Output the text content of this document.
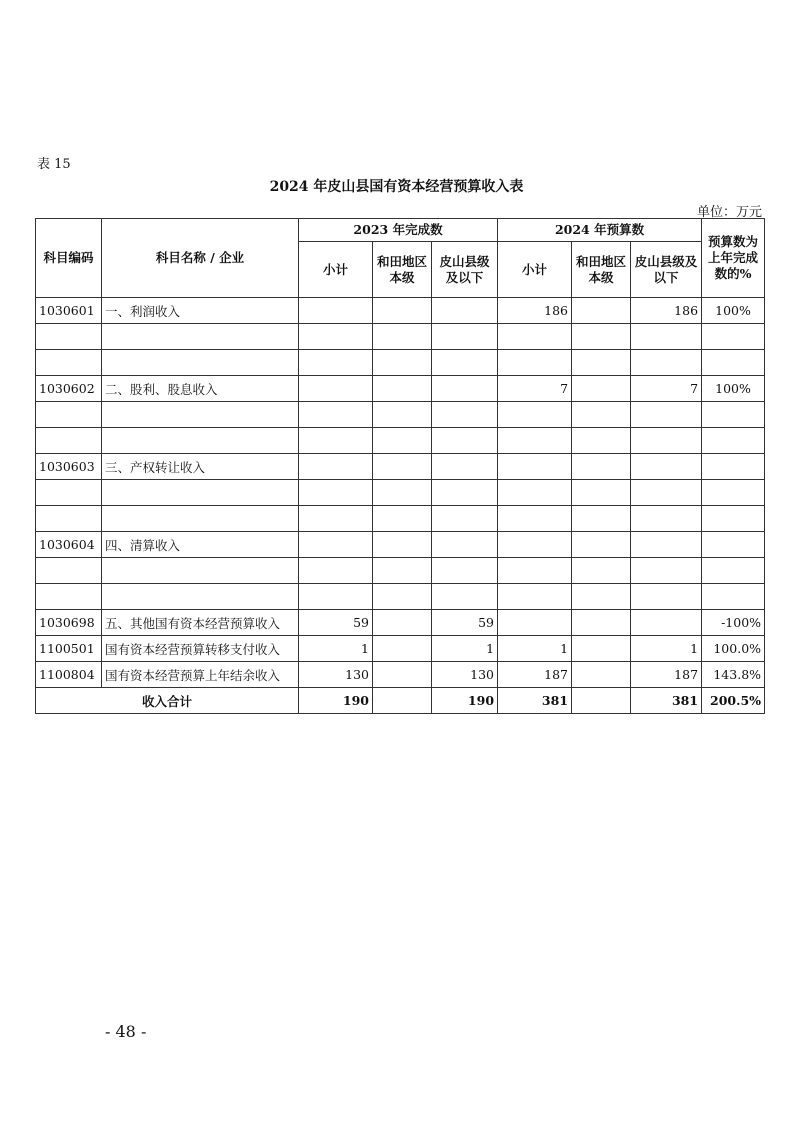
表 15
2024 年皮山县国有资本经营预算收入表
单位：万元
科目编码	科目名称 / 企业	2023 年完成数			2024 年预算数			预算数为上年完成数的%
		小计	和田地区本级	皮山县级及以下	小计	和田地区本级	皮山县级及以下	
1030601	一、利润收入				186		186	100%

1030602	二、股利、股息收入				7		7	100%

1030603	三、产权转让收入							

1030604	四、清算收入							

1030698	五、其他国有资本经营预算收入	59		59				-100%
1100501	国有资本经营预算转移支付收入	1		1	1		1	100.0%
1100804	国有资本经营预算上年结余收入	130		130	187		187	143.8%
收入合计		190		190	381		381	200.5%
- 48 -
